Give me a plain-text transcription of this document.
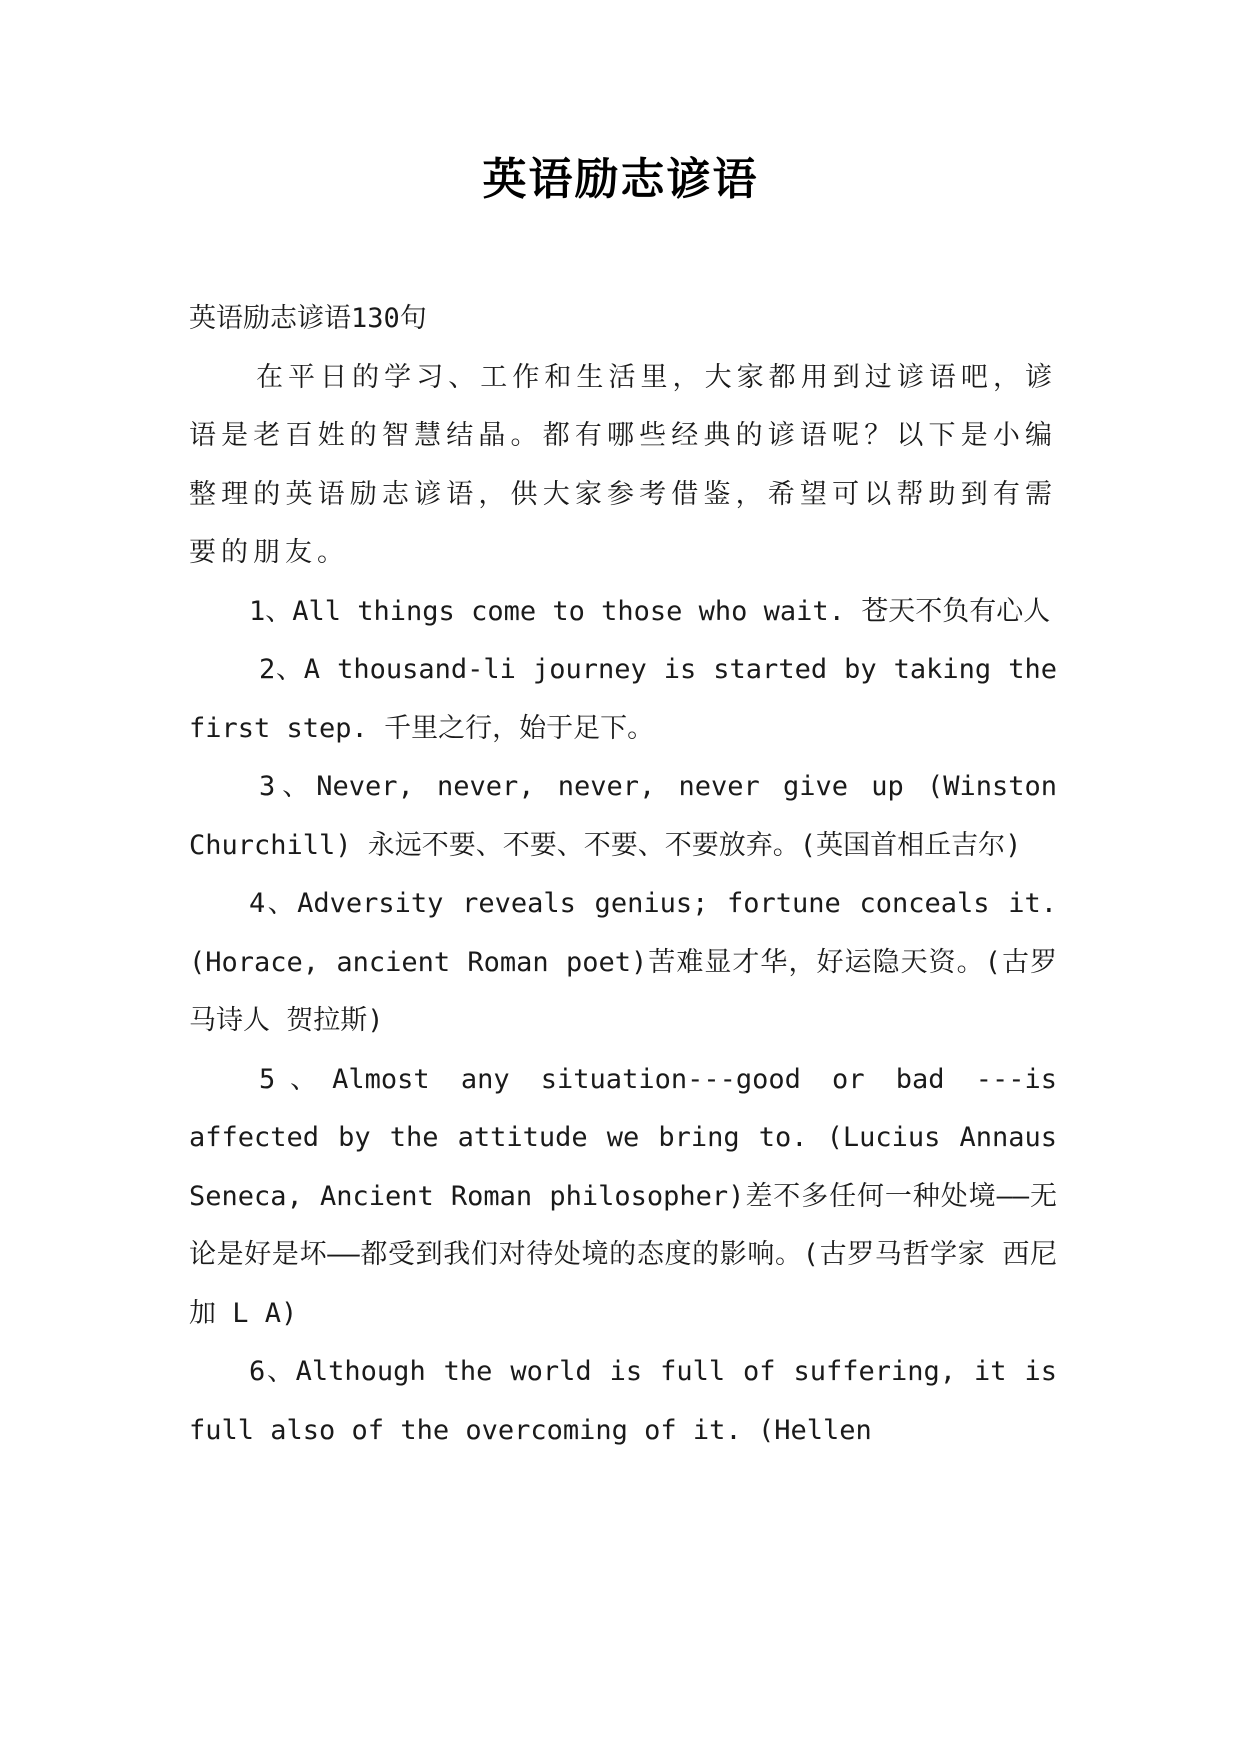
英语励志谚语

英语励志谚语130句

在平日的学习、工作和生活里，大家都用到过谚语吧，谚语是老百姓的智慧结晶。都有哪些经典的谚语呢？以下是小编整理的英语励志谚语，供大家参考借鉴，希望可以帮助到有需要的朋友。

1、All things come to those who wait. 苍天不负有心人

2、A thousand-li journey is started by taking the first step. 千里之行，始于足下。

3、Never, never, never, never give up (Winston Churchill) 永远不要、不要、不要、不要放弃。(英国首相丘吉尔)

4、Adversity reveals genius; fortune conceals it. (Horace, ancient Roman poet)苦难显才华，好运隐天资。(古罗马诗人 贺拉斯)

5、Almost any situation---good or bad ---is affected by the attitude we bring to. (Lucius Annaus Seneca, Ancient Roman philosopher)差不多任何一种处境——无论是好是坏——都受到我们对待处境的态度的影响。(古罗马哲学家 西尼加 L A)

6、Although the world is full of suffering, it is full also of the overcoming of it. (Hellen
